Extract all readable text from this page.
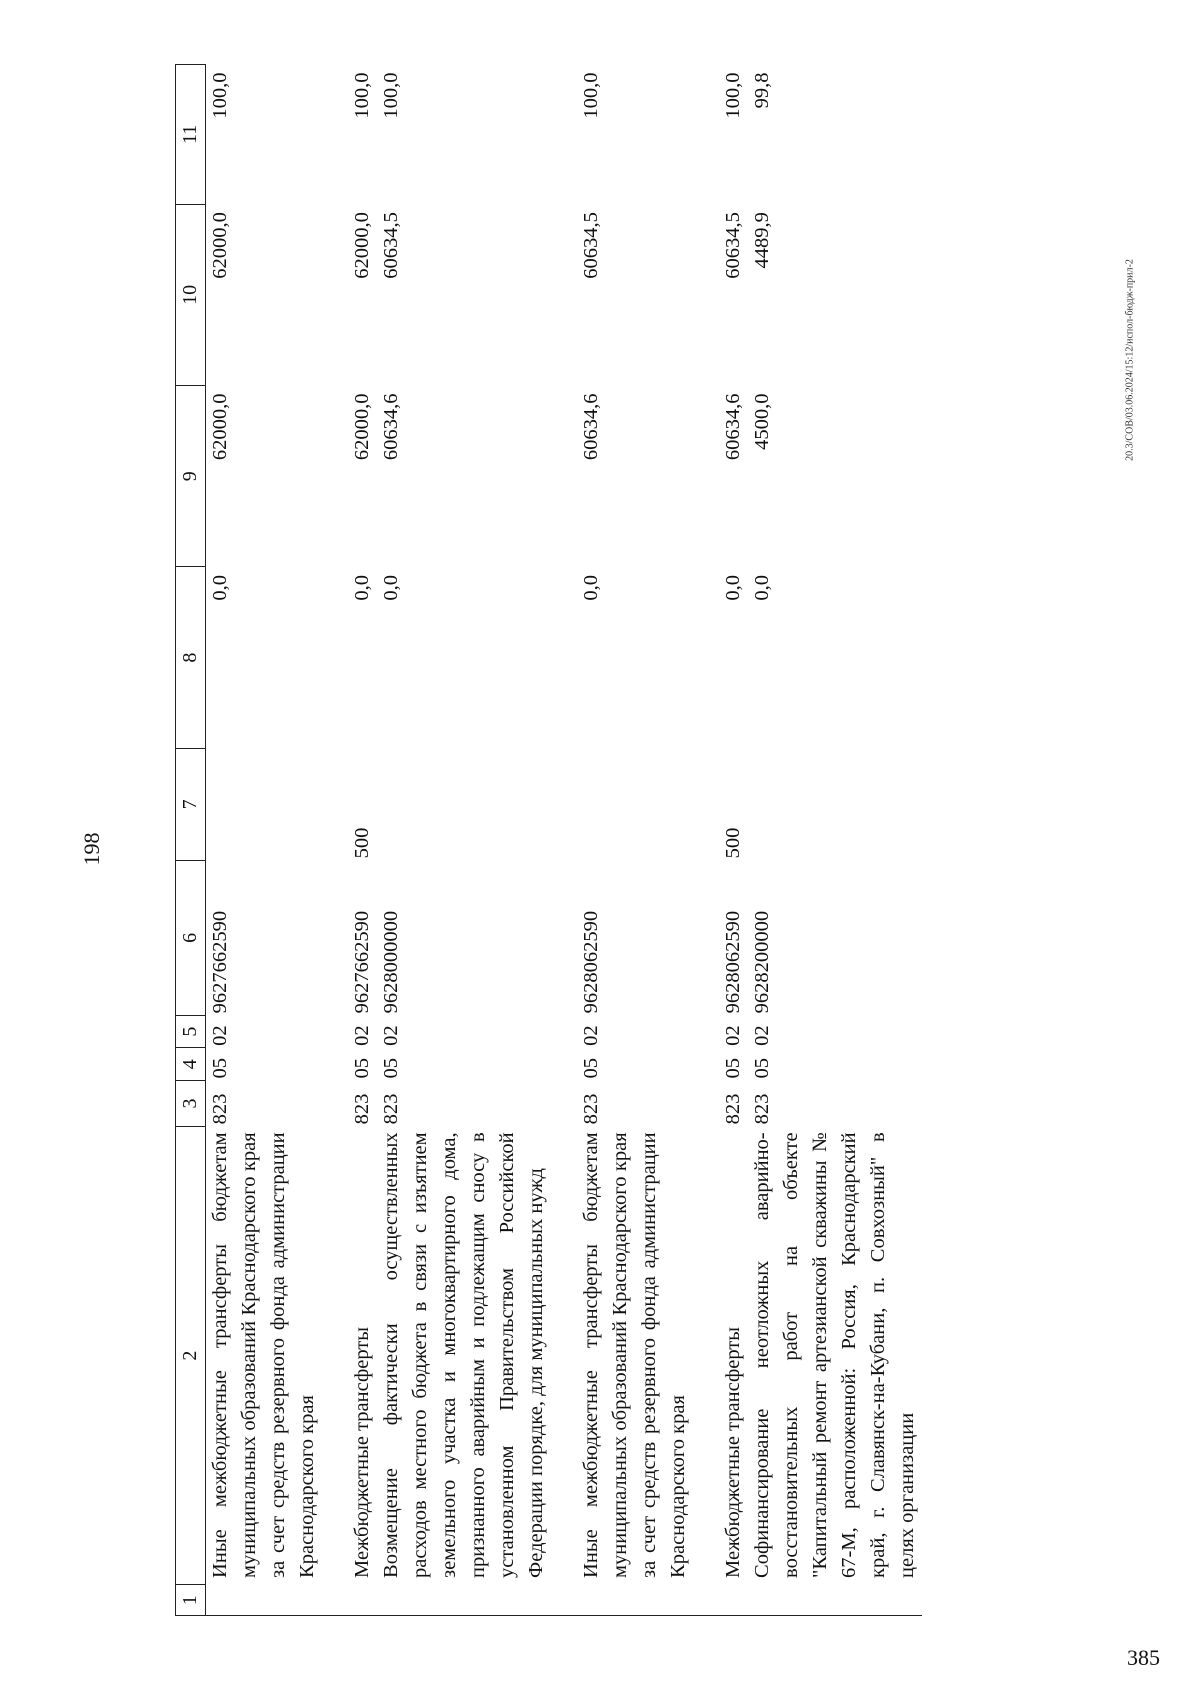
198
1	2	3	4	5	6	7	8	9	10	11
	Иные межбюджетные трансферты бюджетам муниципальных образований Краснодарского края за счет средств резервного фонда администрации Краснодарского края	823	05	02	9627662590		0,0	62000,0	62000,0	100,0

	Межбюджетные трансферты	823	05	02	9627662590	500	0,0	62000,0	62000,0	100,0
	Возмещение фактически осуществленных расходов местного бюджета в связи с изъятием земельного участка и многоквартирного дома, признанного аварийным и подлежащим сносу в установленном Правительством Российской Федерации порядке, для муниципальных нужд	823	05	02	9628000000		0,0	60634,6	60634,5	100,0

	Иные межбюджетные трансферты бюджетам муниципальных образований Краснодарского края за счет средств резервного фонда администрации Краснодарского края	823	05	02	9628062590		0,0	60634,6	60634,5	100,0

	Межбюджетные трансферты	823	05	02	9628062590	500	0,0	60634,6	60634,5	100,0
	Софинансирование неотложных аварийно-восстановительных работ на объекте "Капитальный ремонт артезианской скважины № 67-М, расположенной: Россия, Краснодарский край, г. Славянск-на-Кубани, п. Совхозный" в целях организации	823	05	02	9628200000		0,0	4500,0	4489,9	99,8
20.3/СОВ/03.06.2024/15:12/испол-бюдж-прил-2
385
